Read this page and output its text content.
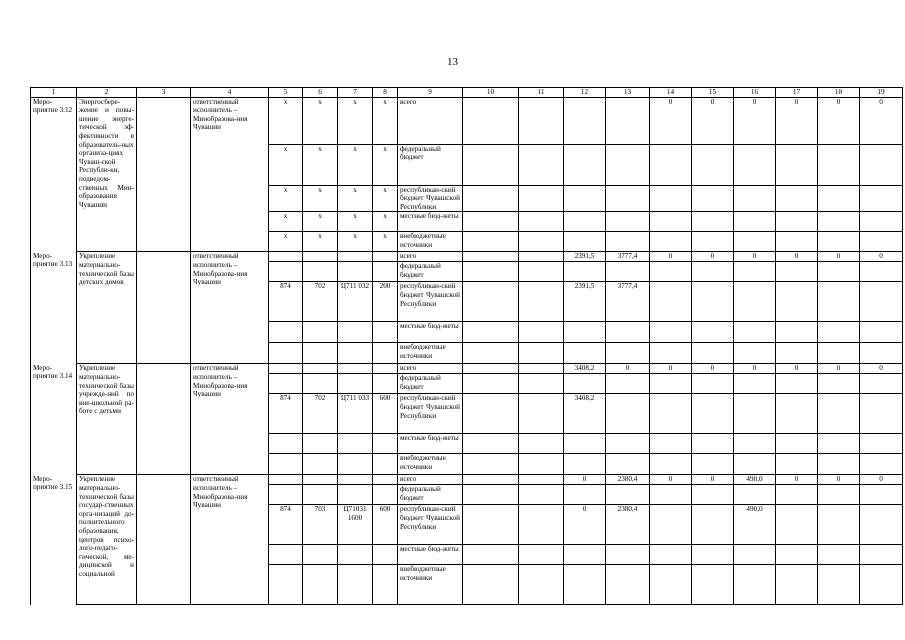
13
1	2	3	4	5	6	7	8	9	10	11	12	13	14	15	16	17	18	19
Меро-приятие 3.12	Энергосбере-жение и повы-шение энерге-тической эф-фективности в образователь-ных организа-циях Чуваш-ской Республи-ки, подведом-ственных Мин-образования Чувашии		ответственный исполнитель – Минобразова-ния Чувашии	x	x	x	x	всего					0	0	0	0	0	0
				x	x	x	x	федеральный бюджет										
				x	x	x	x	республикан-ский бюджет Чувашской Республики										
				x	x	x	x	местные бюд-жеты										
				x	x	x	x	внебюджетные источники										
Меро-приятие 3.13	Укрепление материально-технической базы детских домов		ответственный исполнитель – Минобразова-ния Чувашии					всего			2391,5	3777,4	0	0	0	0	0	0
								федеральный бюджет										
				874	702	Ц711 032	200	республикан-ский бюджет Чувашской Республики			2391,5	3777,4						
								местные бюд-жеты										
								внебюджетные источники										
Меро-приятие 3.14	Укрепление материально-технической базы учрежде-ний по вне-школьной ра-боте с детьми		ответственный исполнитель – Минобразова-ния Чувашии					всего			3408,2	0	0	0	0	0	0	0
								федеральный бюджет										
				874	702	Ц711 033	600	республикан-ский бюджет Чувашской Республики			3408,2							
								местные бюд-жеты										
								внебюджетные источники										
Меро-приятие 3.15	Укрепление материально-технической базы государ-ственных орга-низаций до-полнительного образования, центров психо-лого-педаго-гической, ме-дицинской и социальной		ответственный исполнитель – Минобразова-ния Чувашии					всего			0	2380,4	0	0	490,0	0	0	0
								федеральный бюджет										
				874	703	Ц71031 1600	600	республикан-ский бюджет Чувашской Республики			0	2380,4			490,0			
								местные бюд-жеты										
								внебюджетные источники										
